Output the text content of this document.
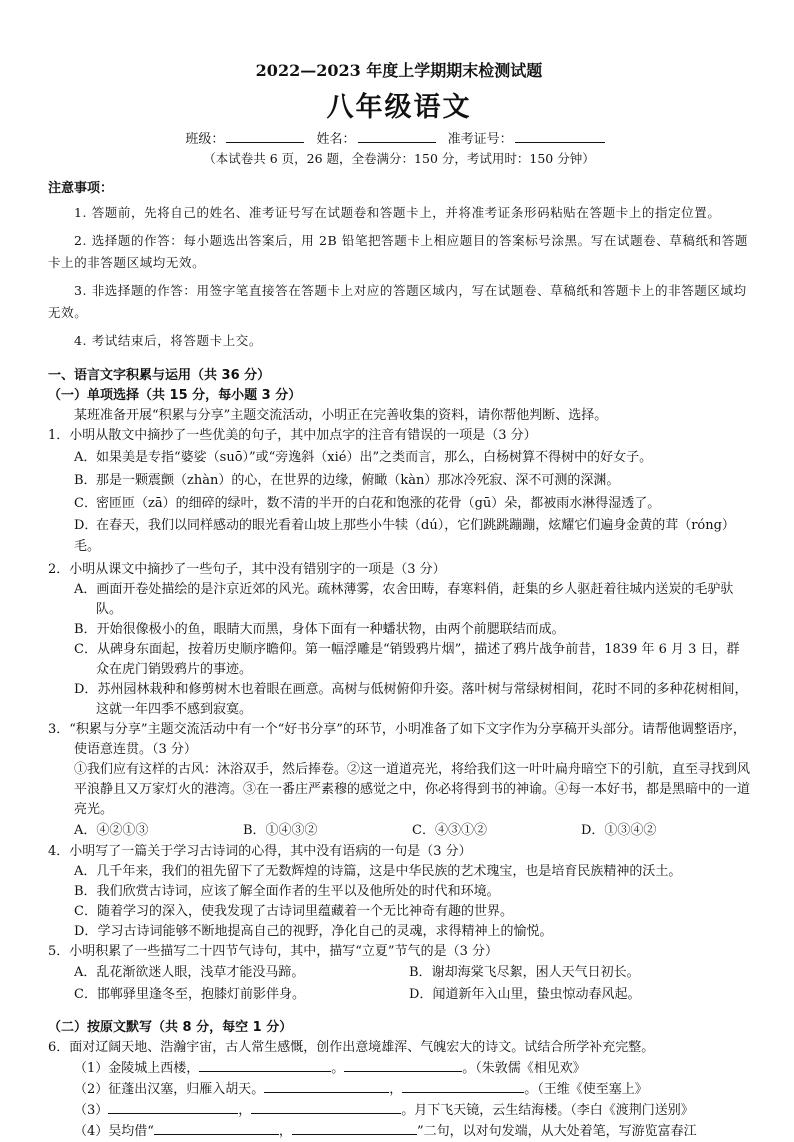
2022—2023 年度上学期期末检测试题
八年级语文
班级：	姓名：	准考证号：
（本试卷共 6 页，26 题，全卷满分：150 分，考试用时：150 分钟）
注意事项：

1. 答题前，先将自己的姓名、准考证号写在试题卷和答题卡上，并将准考证条形码粘贴在答题卡上的指定位置。

2. 选择题的作答：每小题选出答案后，用 2B 铅笔把答题卡上相应题目的答案标号涂黑。写在试题卷、草稿纸和答题卡上的非答题区域均无效。

3. 非选择题的作答：用签字笔直接答在答题卡上对应的答题区域内，写在试题卷、草稿纸和答题卡上的非答题区域均无效。

4. 考试结束后，将答题卡上交。

一、语言文字积累与运用（共 36 分）
（一）单项选择（共 15 分，每小题 3 分）
某班准备开展“积累与分享”主题交流活动，小明正在完善收集的资料，请你帮他判断、选择。
1．小明从散文中摘抄了一些优美的句子，其中加点字的注音有错误的一项是（3 分）
A．如果美是专指“婆娑（suō）”或“旁逸斜（xié）出”之类而言，那么，白杨树算不得树中的好女子。
B．那是一颗震颤（zhàn）的心，在世界的边缘，俯瞰（kàn）那冰冷死寂、深不可测的深渊。
C．密匝匝（zā）的细碎的绿叶，数不清的半开的白花和饱涨的花骨（gū）朵，都被雨水淋得湿透了。
D．在春天，我们以同样感动的眼光看着山坡上那些小牛犊（dú），它们跳跳蹦蹦，炫耀它们遍身金黄的茸（róng）毛。
2．小明从课文中摘抄了一些句子，其中没有错别字的一项是（3 分）
A．画面开卷处描绘的是汴京近郊的风光。疏林薄雾，农舍田畴，春寒料俏，赶集的乡人驱赶着往城内送炭的毛驴驮队。
B．开始很像极小的鱼，眼睛大而黑，身体下面有一种蟠状物，由两个前腮联结而成。
C．从碑身东面起，按着历史顺序瞻仰。第一幅浮雕是“销毁鸦片烟”，描述了鸦片战争前昔，1839 年 6 月 3 日，群众在虎门销毁鸦片的事迹。
D．苏州园林栽种和修剪树木也着眼在画意。高树与低树俯仰升姿。落叶树与常绿树相间，花时不同的多种花树相间，这就一年四季不感到寂寞。
3．“积累与分享”主题交流活动中有一个“好书分享”的环节，小明准备了如下文字作为分享稿开头部分。请帮他调整语序，使语意连贯。（3 分）
①我们应有这样的古风：沐浴双手，然后捧卷。②这一道道亮光，将给我们这一叶叶扁舟暗空下的引航，直至寻找到风平浪静且又万家灯火的港湾。③在一番庄严素穆的感觉之中，你必将得到书的神谕。④每一本好书，都是黑暗中的一道亮光。
A．④②①③	B．①④③②	C．④③①②	D．①③④②
4．小明写了一篇关于学习古诗词的心得，其中没有语病的一句是（3 分）
A．几千年来，我们的祖先留下了无数辉煌的诗篇，这是中华民族的艺术瑰宝，也是培育民族精神的沃土。
B．我们欣赏古诗词，应该了解全面作者的生平以及他所处的时代和环境。
C．随着学习的深入，使我发现了古诗词里蕴藏着一个无比神奇有趣的世界。
D．学习古诗词能够不断地提高自己的视野，净化自己的灵魂，求得精神上的愉悦。
5．小明积累了一些描写二十四节气诗句，其中，描写“立夏”节气的是（3 分）
A．乱花渐欲迷人眼，浅草才能没马蹄。	B．谢却海棠飞尽絮，困人天气日初长。
C．邯郸驿里逢冬至，抱膝灯前影伴身。	D．闻道新年入山里，蛰虫惊动春风起。
（二）按原文默写（共 8 分，每空 1 分）
6．面对辽阔天地、浩瀚宇宙，古人常生感慨，创作出意境雄浑、气魄宏大的诗文。试结合所学补充完整。
（1）金陵城上西楼，	。	。（朱敦儒《相见欢》
（2）征蓬出汉塞，归雁入胡天。	，	。（王维《使至塞上》
（3）	，	。月下飞天镜，云生结海楼。（李白《渡荆门送别》
（4）吴均借“	，	”二句，以对句发端，从大处着笔，写游览富春江
